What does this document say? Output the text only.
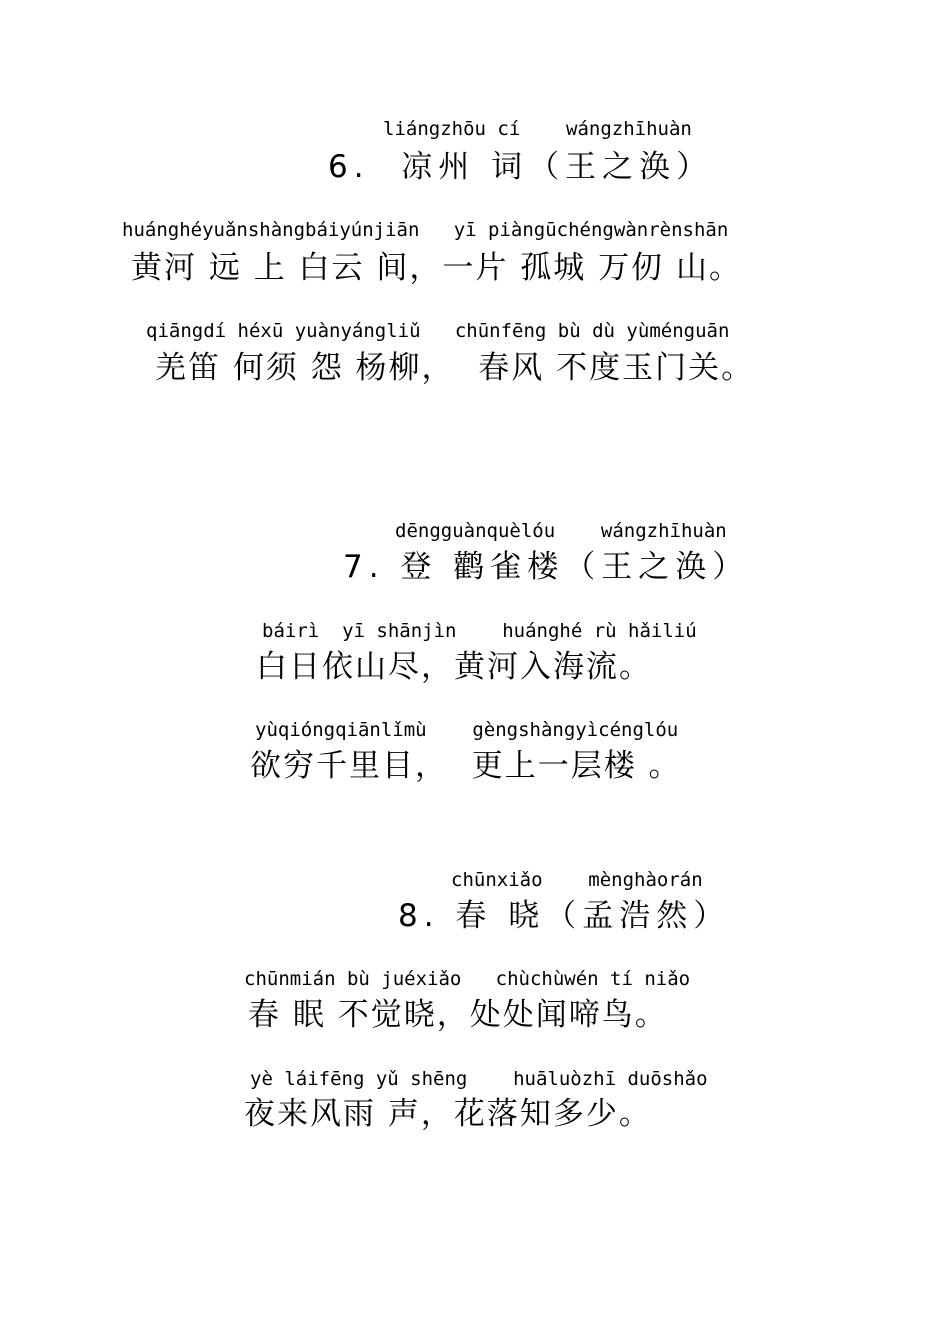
liángzhōu cí    wángzhīhuàn
6.  凉州 词（王之涣）
huánghéyuǎnshàngbáiyúnjiān   yī piàngūchéngwànrènshān
黄河 远 上 白云 间，一片 孤城 万仞 山。
qiāngdí héxū yuànyángliǔ   chūnfēng bù dù yùménguān
羌笛 何须 怨 杨柳，  春风 不度玉门关。
dēngguànquèlóu    wángzhīhuàn
7. 登 鹳雀楼（王之涣）
báirì  yī shānjìn    huánghé rù hǎiliú
白日依山尽，黄河入海流。
yùqióngqiānlǐmù    gèngshàngyìcénglóu
欲穷千里目，  更上一层楼 。
chūnxiǎo    mènghàorán
8. 春 晓（孟浩然）
chūnmián bù juéxiǎo   chùchùwén tí niǎo
春 眠 不觉晓，处处闻啼鸟。
yè láifēng yǔ shēng    huāluòzhī duōshǎo
夜来风雨 声，花落知多少。
